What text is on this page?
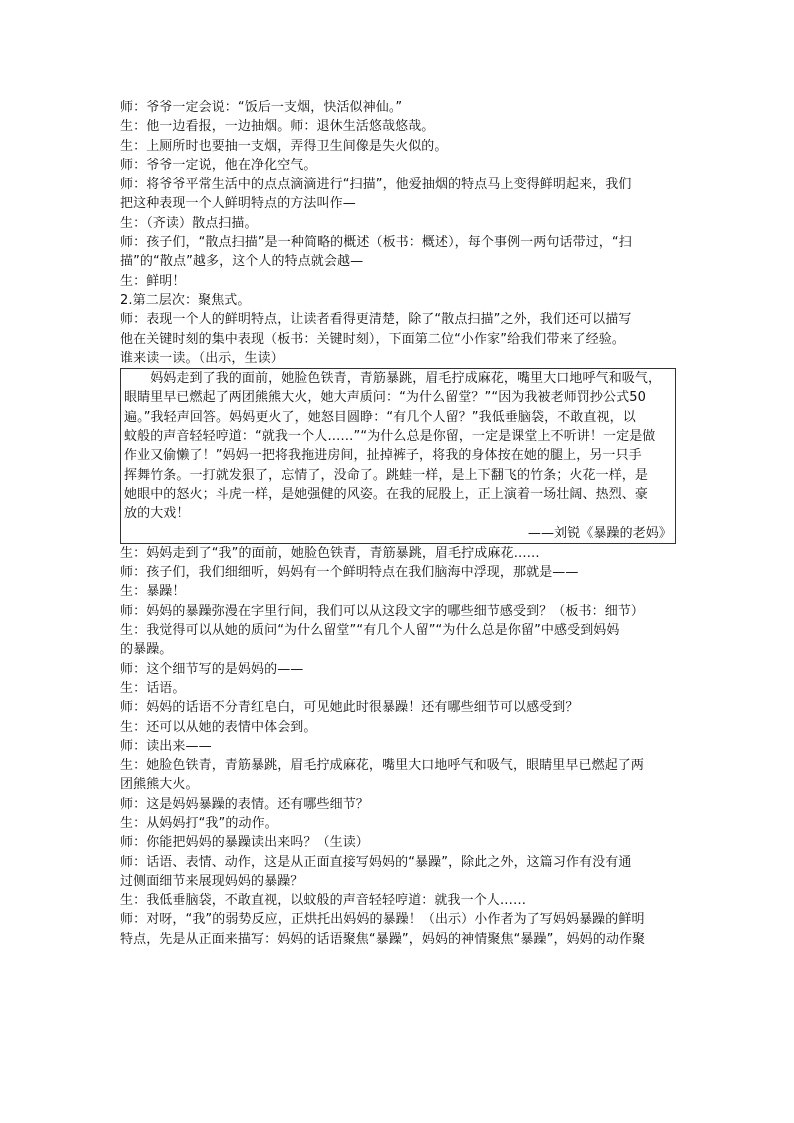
师：爷爷一定会说：“饭后一支烟，快活似神仙。”
生：他一边看报，一边抽烟。师：退休生活悠哉悠哉。
生：上厕所时也要抽一支烟，弄得卫生间像是失火似的。
师：爷爷一定说，他在净化空气。
师：将爷爷平常生活中的点点滴滴进行“扫描”，他爱抽烟的特点马上变得鲜明起来，我们
把这种表现一个人鲜明特点的方法叫作—
生：（齐读）散点扫描。
师：孩子们，“散点扫描”是一种简略的概述（板书：概述），每个事例一两句话带过，“扫
描”的“散点”越多，这个人的特点就会越—
生：鲜明！
2.第二层次：聚焦式。
师：表现一个人的鲜明特点，让读者看得更清楚，除了“散点扫描”之外，我们还可以描写
他在关键时刻的集中表现（板书：关键时刻），下面第二位“小作家”给我们带来了经验。
谁来读一读。（出示，生读）
　　妈妈走到了我的面前，她脸色铁青，青筋暴跳，眉毛拧成麻花，嘴里大口地呼气和吸气，
眼睛里早已燃起了两团熊熊大火，她大声质问：“为什么留堂？”“因为我被老师罚抄公式50
遍。”我轻声回答。妈妈更火了，她怒目圆睁：“有几个人留？”我低垂脑袋，不敢直视，以
蚊般的声音轻轻哼道：“就我一个人……”“为什么总是你留，一定是课堂上不听讲！一定是做
作业又偷懒了！”妈妈一把将我拖进房间，扯掉裤子，将我的身体按在她的腿上，另一只手
挥舞竹条。一打就发狠了，忘情了，没命了。跳蛙一样，是上下翻飞的竹条；火花一样，是
她眼中的怒火；斗虎一样，是她强健的风姿。在我的屁股上，正上演着一场壮阔、热烈、豪
放的大戏！
——刘锐《暴躁的老妈》
生：妈妈走到了“我”的面前，她脸色铁青，青筋暴跳，眉毛拧成麻花……
师：孩子们，我们细细听，妈妈有一个鲜明特点在我们脑海中浮现，那就是——
生：暴躁！
师：妈妈的暴躁弥漫在字里行间，我们可以从这段文字的哪些细节感受到？（板书：细节）
生：我觉得可以从她的质问“为什么留堂”“有几个人留”“为什么总是你留”中感受到妈妈
的暴躁。
师：这个细节写的是妈妈的——
生：话语。
师：妈妈的话语不分青红皂白，可见她此时很暴躁！还有哪些细节可以感受到？
生：还可以从她的表情中体会到。
师：读出来——
生：她脸色铁青，青筋暴跳，眉毛拧成麻花，嘴里大口地呼气和吸气，眼睛里早已燃起了两
团熊熊大火。
师：这是妈妈暴躁的表情。还有哪些细节？
生：从妈妈打“我”的动作。
师：你能把妈妈的暴躁读出来吗？（生读）
师：话语、表情、动作，这是从正面直接写妈妈的“暴躁”，除此之外，这篇习作有没有通
过侧面细节来展现妈妈的暴躁？
生：我低垂脑袋，不敢直视，以蚊般的声音轻轻哼道：就我一个人……
师：对呀，“我”的弱势反应，正烘托出妈妈的暴躁！（出示）小作者为了写妈妈暴躁的鲜明
特点，先是从正面来描写：妈妈的话语聚焦“暴躁”，妈妈的神情聚焦“暴躁”，妈妈的动作聚
